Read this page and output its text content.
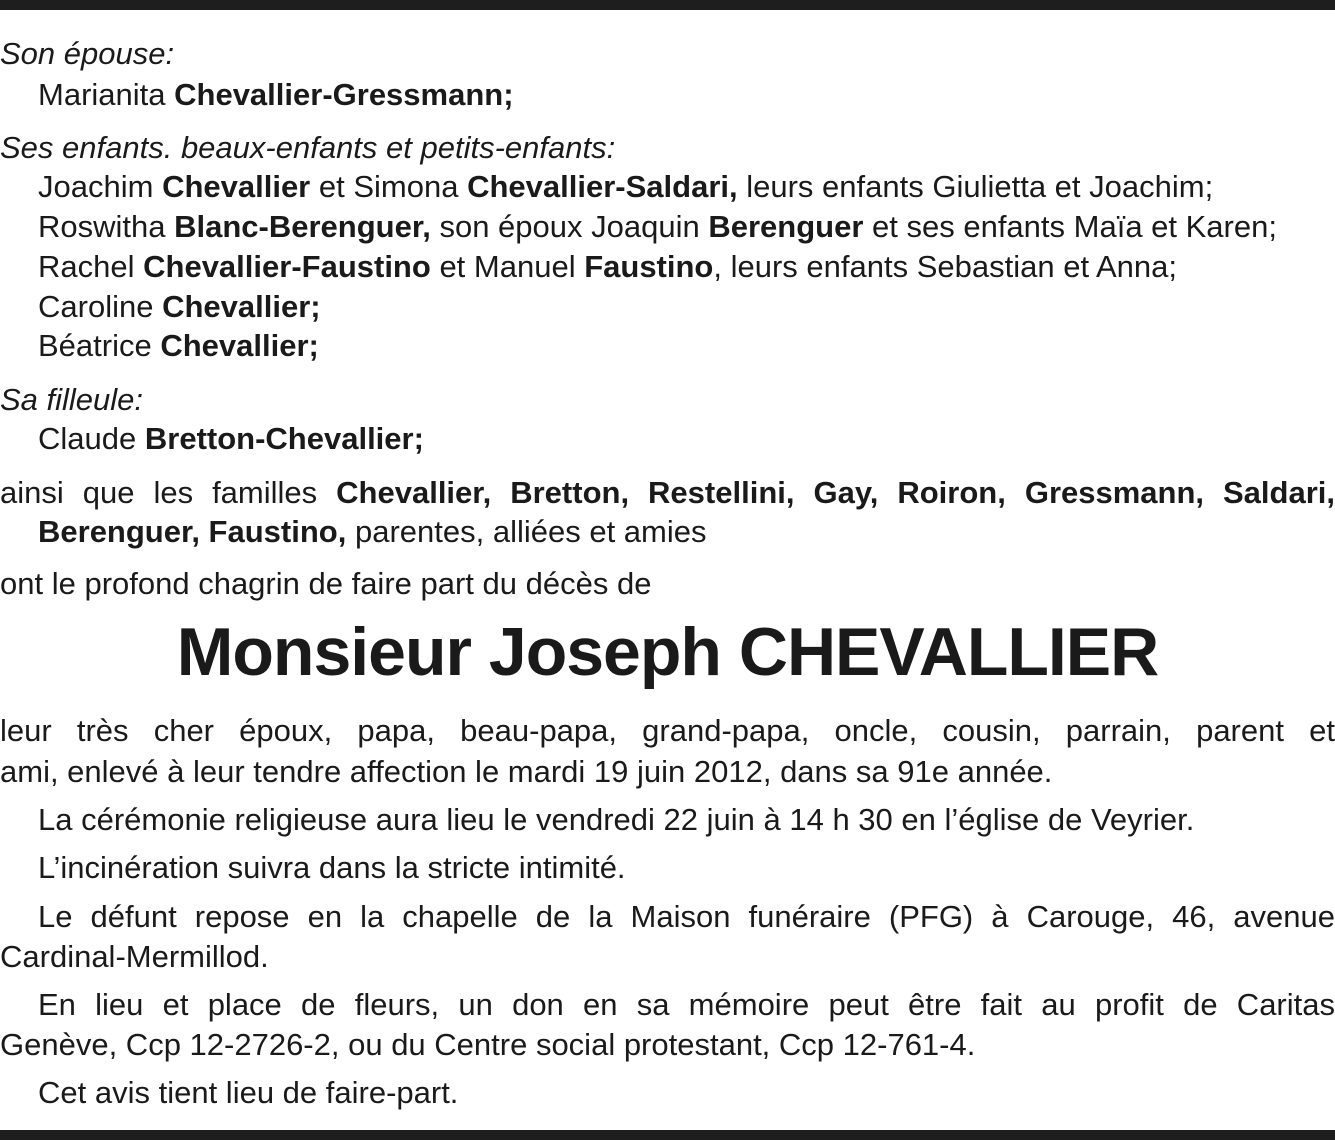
Son épouse:
Marianita Chevallier-Gressmann;
Ses enfants. beaux-enfants et petits-enfants:
Joachim Chevallier et Simona Chevallier-Saldari, leurs enfants Giulietta et Joachim;
Roswitha Blanc-Berenguer, son époux Joaquin Berenguer et ses enfants Maïa et Karen;
Rachel Chevallier-Faustino et Manuel Faustino, leurs enfants Sebastian et Anna;
Caroline Chevallier;
Béatrice Chevallier;
Sa filleule:
Claude Bretton-Chevallier;
ainsi que les familles Chevallier, Bretton, Restellini, Gay, Roiron, Gressmann, Saldari,
Berenguer, Faustino, parentes, alliées et amies
ont le profond chagrin de faire part du décès de
Monsieur Joseph CHEVALLIER
leur très cher époux, papa, beau-papa, grand-papa, oncle, cousin, parrain, parent et
ami, enlevé à leur tendre affection le mardi 19 juin 2012, dans sa 91e année.
La cérémonie religieuse aura lieu le vendredi 22 juin à 14 h 30 en l’église de Veyrier.
L’incinération suivra dans la stricte intimité.
Le défunt repose en la chapelle de la Maison funéraire (PFG) à Carouge, 46, avenue
Cardinal-Mermillod.
En lieu et place de fleurs, un don en sa mémoire peut être fait au profit de Caritas
Genève, Ccp 12-2726-2, ou du Centre social protestant, Ccp 12-761-4.
Cet avis tient lieu de faire-part.
